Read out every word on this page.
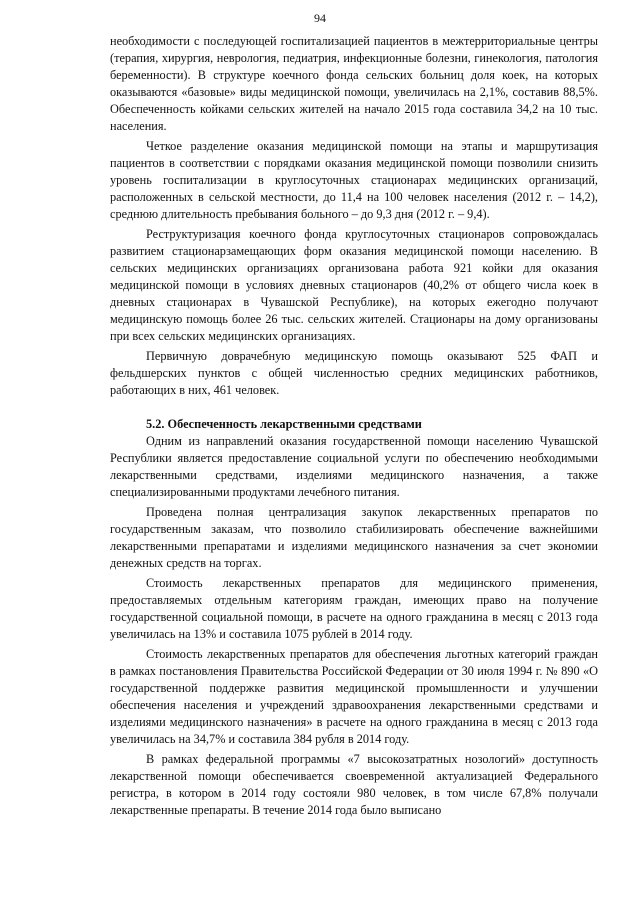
94

необходимости с последующей госпитализацией пациентов в межтерриториальные центры (терапия, хирургия, неврология, педиатрия, инфекционные болезни, гинекология, патология беременности). В структуре коечного фонда сельских больниц доля коек, на которых оказываются «базовые» виды медицинской помощи, увеличилась на 2,1%, составив 88,5%. Обеспеченность койками сельских жителей на начало 2015 года составила 34,2 на 10 тыс. населения.

Четкое разделение оказания медицинской помощи на этапы и маршрутизация пациентов в соответствии с порядками оказания медицинской помощи позволили снизить уровень госпитализации в круглосуточных стационарах медицинских организаций, расположенных в сельской местности, до 11,4 на 100 человек населения (2012 г. – 14,2), среднюю длительность пребывания больного – до 9,3 дня (2012 г. – 9,4).

Реструктуризация коечного фонда круглосуточных стационаров сопровождалась развитием стационарзамещающих форм оказания медицинской помощи населению. В сельских медицинских организациях организована работа 921 койки для оказания медицинской помощи в условиях дневных стационаров (40,2% от общего числа коек в дневных стационарах в Чувашской Республике), на которых ежегодно получают медицинскую помощь более 26 тыс. сельских жителей. Стационары на дому организованы при всех сельских медицинских организациях.

Первичную доврачебную медицинскую помощь оказывают 525 ФАП и фельдшерских пунктов с общей численностью средних медицинских работников, работающих в них, 461 человек.

5.2. Обеспеченность лекарственными средствами

Одним из направлений оказания государственной помощи населению Чувашской Республики является предоставление социальной услуги по обеспечению необходимыми лекарственными средствами, изделиями медицинского назначения, а также специализированными продуктами лечебного питания.

Проведена полная централизация закупок лекарственных препаратов по государственным заказам, что позволило стабилизировать обеспечение важнейшими лекарственными препаратами и изделиями медицинского назначения за счет экономии денежных средств на торгах.

Стоимость лекарственных препаратов для медицинского применения, предоставляемых отдельным категориям граждан, имеющих право на получение государственной социальной помощи, в расчете на одного гражданина в месяц с 2013 года увеличилась на 13% и составила 1075 рублей в 2014 году.

Стоимость лекарственных препаратов для обеспечения льготных категорий граждан в рамках постановления Правительства Российской Федерации от 30 июля 1994 г. № 890 «О государственной поддержке развития медицинской промышленности и улучшении обеспечения населения и учреждений здравоохранения лекарственными средствами и изделиями медицинского назначения» в расчете на одного гражданина в месяц с 2013 года увеличилась на 34,7% и составила 384 рубля в 2014 году.

В рамках федеральной программы «7 высокозатратных нозологий» доступность лекарственной помощи обеспечивается своевременной актуализацией Федерального регистра, в котором в 2014 году состояли 980 человек, в том числе 67,8% получали лекарственные препараты. В течение 2014 года было выписано
